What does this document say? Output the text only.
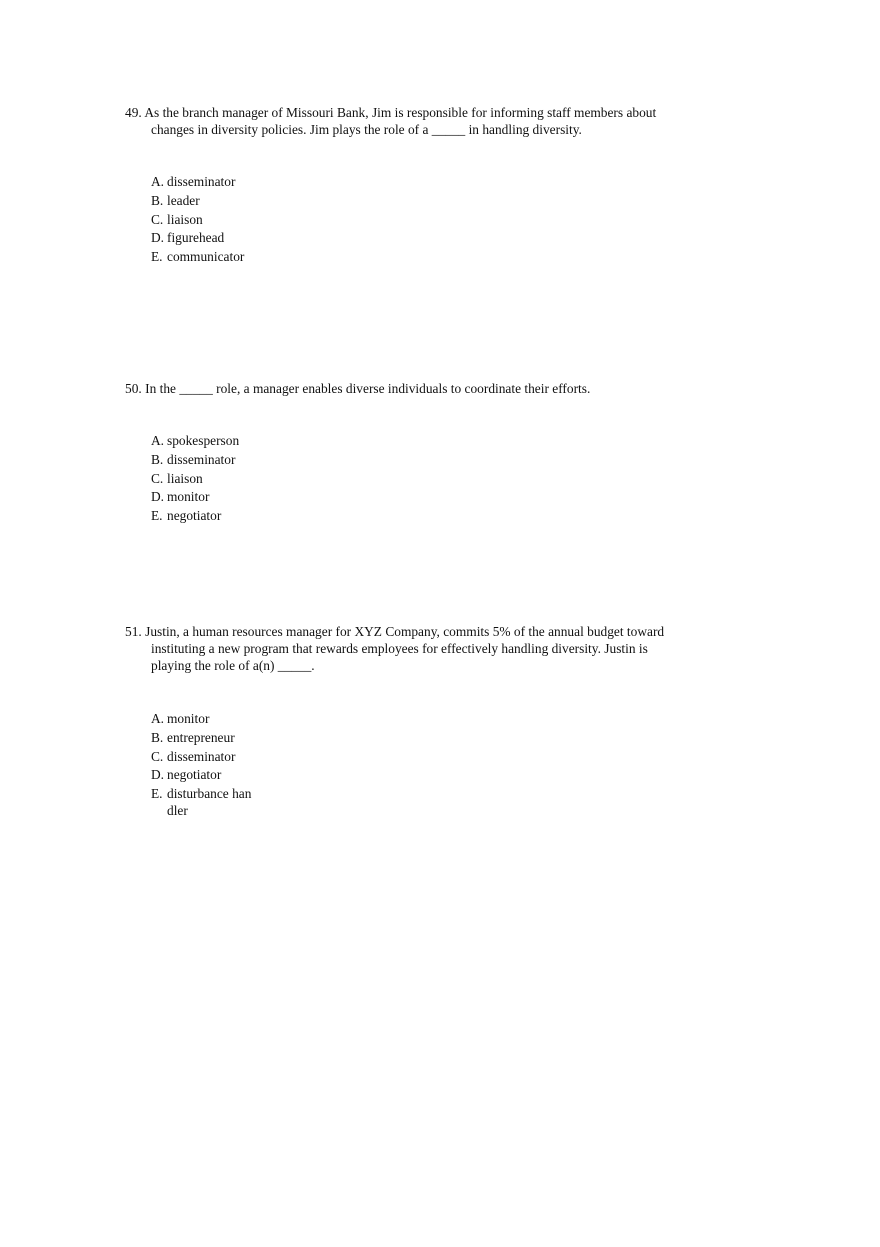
49. As the branch manager of Missouri Bank, Jim is responsible for informing staff members about changes in diversity policies. Jim plays the role of a _____ in handling diversity.

A. disseminator
B. leader
C. liaison
D. figurehead
E. communicator

50. In the _____ role, a manager enables diverse individuals to coordinate their efforts.

A. spokesperson
B. disseminator
C. liaison
D. monitor
E. negotiator

51. Justin, a human resources manager for XYZ Company, commits 5% of the annual budget toward instituting a new program that rewards employees for effectively handling diversity. Justin is playing the role of a(n) _____.

A. monitor
B. entrepreneur
C. disseminator
D. negotiator
E. disturbance handler
